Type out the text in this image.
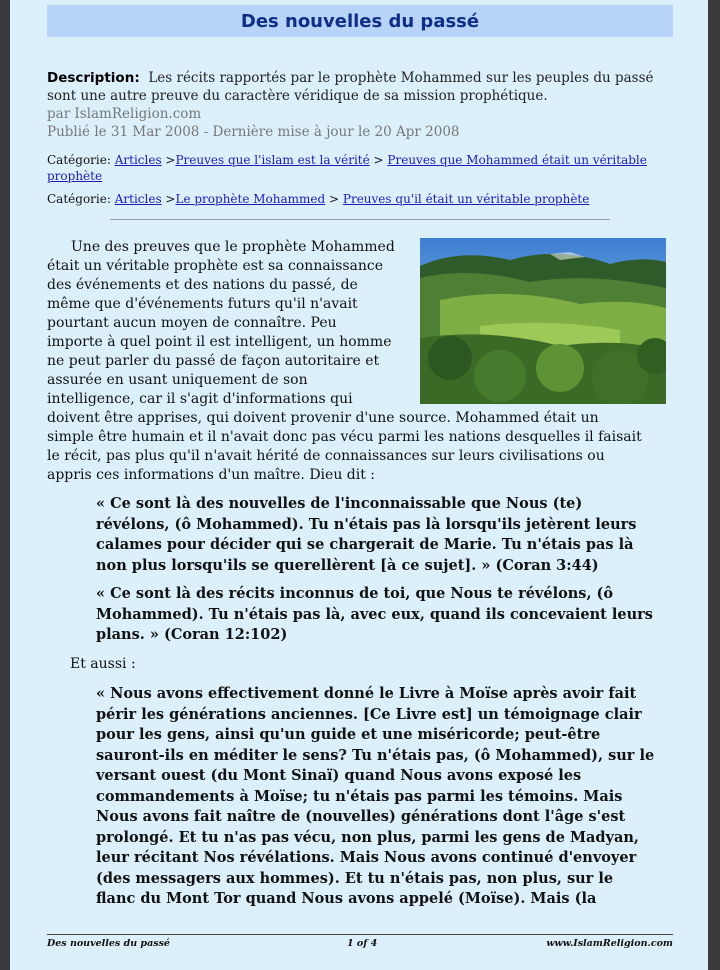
Des nouvelles du passé
Description: Les récits rapportés par le prophète Mohammed sur les peuples du passé sont une autre preuve du caractère véridique de sa mission prophétique.
par IslamReligion.com
Publié le 31 Mar 2008 - Dernière mise à jour le 20 Apr 2008
Catégorie: Articles >Preuves que l'islam est la vérité > Preuves que Mohammed était un véritable prophète
Catégorie: Articles >Le prophète Mohammed > Preuves qu'il était un véritable prophète

Une des preuves que le prophète Mohammed était un véritable prophète est sa connaissance des événements et des nations du passé, de même que d'événements futurs qu'il n'avait pourtant aucun moyen de connaître. Peu importe à quel point il est intelligent, un homme ne peut parler du passé de façon autoritaire et assurée en usant uniquement de son intelligence, car il s'agit d'informations qui doivent être apprises, qui doivent provenir d'une source. Mohammed était un simple être humain et il n'avait donc pas vécu parmi les nations desquelles il faisait le récit, pas plus qu'il n'avait hérité de connaissances sur leurs civilisations ou appris ces informations d'un maître. Dieu dit :

« Ce sont là des nouvelles de l'inconnaissable que Nous (te) révélons, (ô Mohammed). Tu n'étais pas là lorsqu'ils jetèrent leurs calames pour décider qui se chargerait de Marie. Tu n'étais pas là non plus lorsqu'ils se querellèrent [à ce sujet]. » (Coran 3:44)
« Ce sont là des récits inconnus de toi, que Nous te révélons, (ô Mohammed). Tu n'étais pas là, avec eux, quand ils concevaient leurs plans. » (Coran 12:102)
Et aussi :
« Nous avons effectivement donné le Livre à Moïse après avoir fait périr les générations anciennes. [Ce Livre est] un témoignage clair pour les gens, ainsi qu'un guide et une miséricorde; peut-être sauront-ils en méditer le sens? Tu n'étais pas, (ô Mohammed), sur le versant ouest (du Mont Sinaï) quand Nous avons exposé les commandements à Moïse; tu n'étais pas parmi les témoins. Mais Nous avons fait naître de (nouvelles) générations dont l'âge s'est prolongé. Et tu n'as pas vécu, non plus, parmi les gens de Madyan, leur récitant Nos révélations. Mais Nous avons continué d'envoyer (des messagers aux hommes). Et tu n'étais pas, non plus, sur le flanc du Mont Tor quand Nous avons appelé (Moïse). Mais (la
Des nouvelles du passé	1 of 4	www.IslamReligion.com
